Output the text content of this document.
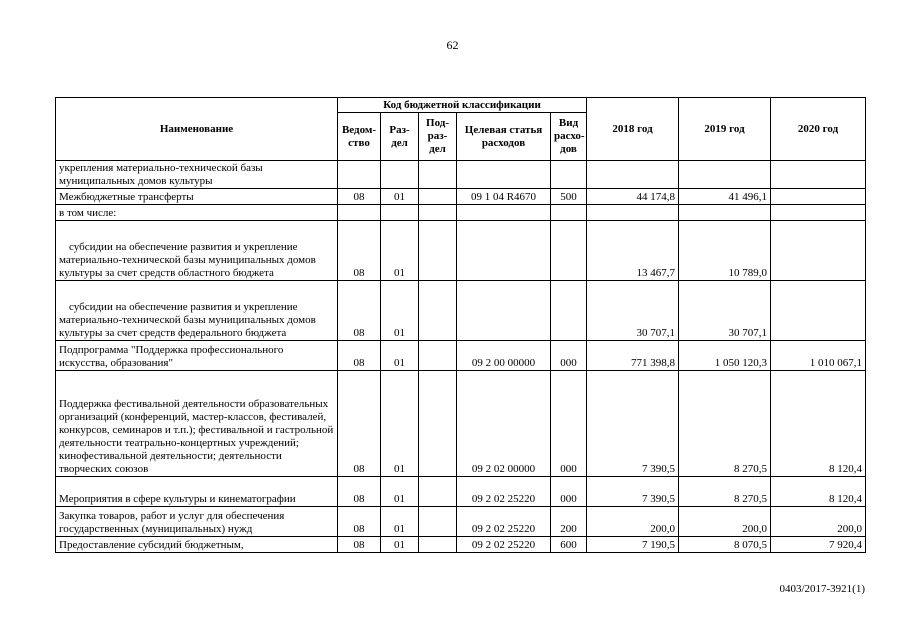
62
Наименование	Код бюджетной классификации					2018 год	2019 год	2020 год
	Ведом-ство	Раз-дел	Под-раз-дел	Целевая статья расходов	Вид расхо-дов			
укрепления материально-технической базы муниципальных домов культуры								
Межбюджетные трансферты	08	01		09 1 04 R4670	500	44 174,8	41 496,1	
в том числе:								
субсидии на обеспечение развития и укрепление материально-технической базы муниципальных домов культуры за счет средств областного бюджета	08	01				13 467,7	10 789,0	
субсидии на обеспечение развития и укрепление материально-технической базы муниципальных домов культуры за счет средств федерального бюджета	08	01				30 707,1	30 707,1	
Подпрограмма "Поддержка профессионального искусства, образования"	08	01		09 2 00 00000	000	771 398,8	1 050 120,3	1 010 067,1
Поддержка фестивальной деятельности образовательных организаций (конференций, мастер-классов, фестивалей, конкурсов, семинаров и т.п.); фестивальной и гастрольной деятельности театрально-концертных учреждений; кинофестивальной деятельности; деятельности творческих союзов	08	01		09 2 02 00000	000	7 390,5	8 270,5	8 120,4
Мероприятия в сфере культуры и кинематографии	08	01		09 2 02 25220	000	7 390,5	8 270,5	8 120,4
Закупка товаров, работ и услуг для обеспечения государственных (муниципальных) нужд	08	01		09 2 02 25220	200	200,0	200,0	200,0
Предоставление субсидий бюджетным,	08	01		09 2 02 25220	600	7 190,5	8 070,5	7 920,4
0403/2017-3921(1)
